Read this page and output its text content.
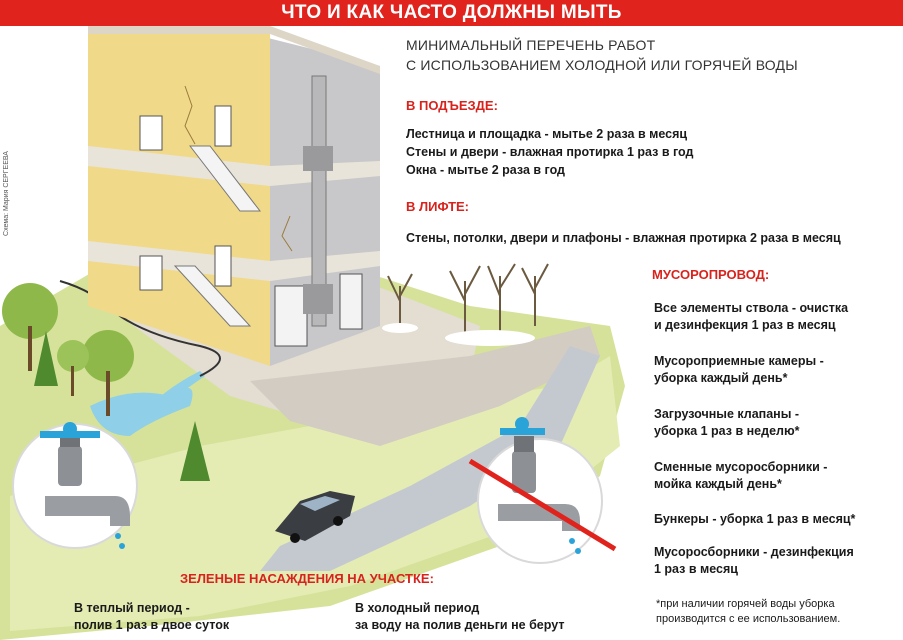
ЧТО И КАК ЧАСТО ДОЛЖНЫ МЫТЬ
Схема: Мария СЕРГЕЕВА
МИНИМАЛЬНЫЙ ПЕРЕЧЕНЬ РАБОТ
С ИСПОЛЬЗОВАНИЕМ ХОЛОДНОЙ ИЛИ ГОРЯЧЕЙ ВОДЫ
В ПОДЪЕЗДЕ:
Лестница и площадка - мытье 2 раза в месяц
Стены и двери - влажная протирка 1 раз в год
Окна - мытье 2 раза в год
В ЛИФТЕ:
Стены, потолки, двери и плафоны - влажная протирка 2 раза в месяц
МУСОРОПРОВОД:
Все элементы ствола - очистка
и дезинфекция 1 раз в месяц
Мусороприемные камеры -
уборка каждый день*
Загрузочные клапаны -
уборка 1 раз в неделю*
Сменные мусоросборники -
мойка каждый день*
Бункеры - уборка 1 раз в месяц*
Мусоросборники - дезинфекция
1 раз в месяц
*при наличии горячей воды уборка
производится с ее использованием.
ЗЕЛЕНЫЕ НАСАЖДЕНИЯ НА УЧАСТКЕ:
В теплый период -
полив 1 раз в двое суток
В холодный период
за воду на полив деньги не берут
